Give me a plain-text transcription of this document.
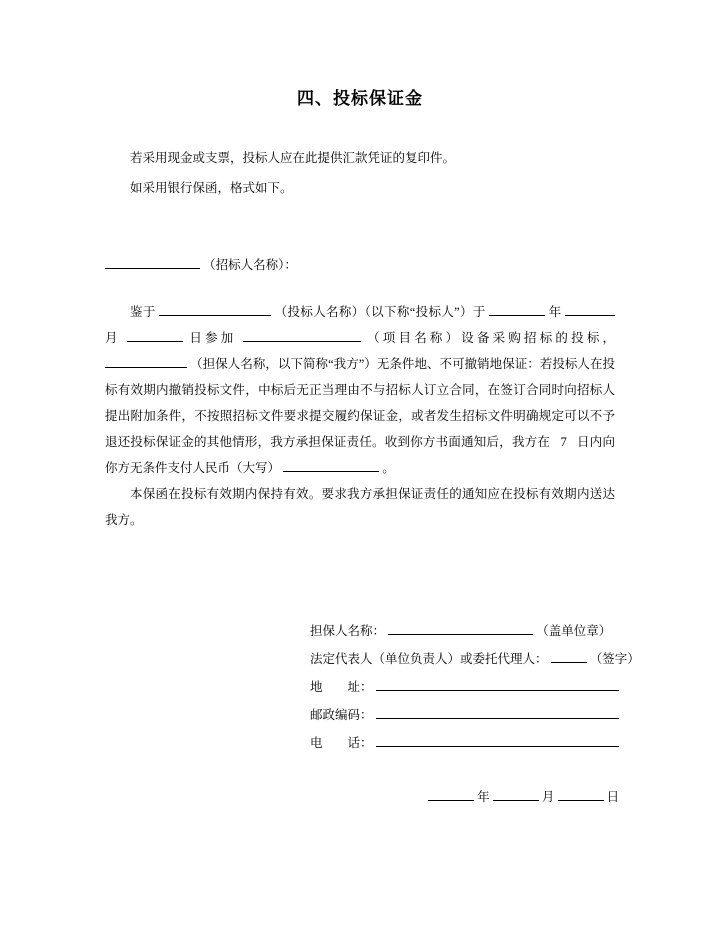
四、投标保证金

若采用现金或支票，投标人应在此提供汇款凭证的复印件。

如采用银行保函，格式如下。

（招标人名称）：

鉴于	（投标人名称）（以下称“投标人”）于	年  月	日参加	（项目名称）设备采购招标的投标，  （担保人名称，以下简称“我方”）无条件地、不可撤销地保证：若投标人在投标有效期内撤销投标文件，中标后无正当理由不与招标人订立合同，在签订合同时向招标人提出附加条件，不按照招标文件要求提交履约保证金，或者发生招标文件明确规定可以不予退还投标保证金的其他情形，我方承担保证责任。收到你方书面通知后，我方在 7 日内向你方无条件支付人民币（大写）	。

本保函在投标有效期内保持有效。要求我方承担保证责任的通知应在投标有效期内送达我方。

担保人名称：	（盖单位章）

法定代表人（单位负责人）或委托代理人：	（签字）

地　　址：

邮政编码：

电　　话：

年	月	日
